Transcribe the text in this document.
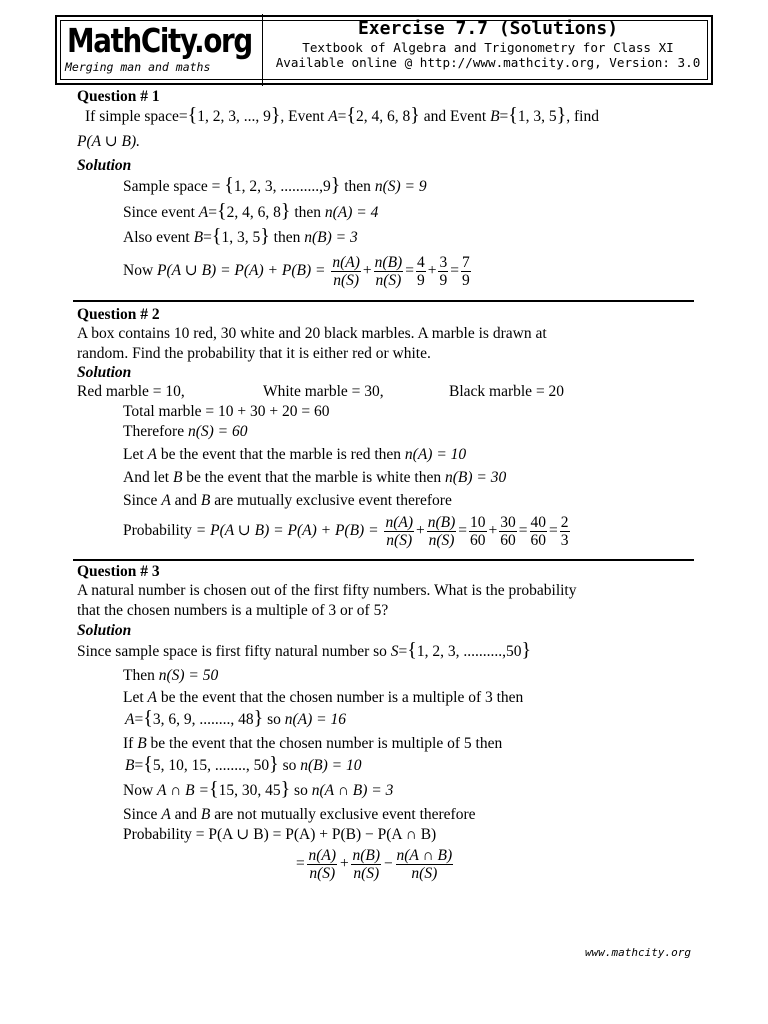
MathCity.org
Merging man and maths
Exercise 7.7 (Solutions)
Textbook of Algebra and Trigonometry for Class XI
Available online @ http://www.mathcity.org, Version: 3.0
Question # 1
If simple space={1, 2, 3, ..., 9}, Event A={2, 4, 6, 8} and Event B={1, 3, 5}, find
P(A ∪ B).
Solution
Sample space = {1, 2, 3, ..........,9} then n(S) = 9
Since event A={2, 4, 6, 8} then n(A) = 4
Also event B={1, 3, 5} then n(B) = 3
Now P(A ∪ $B) = P(A) + P(B) = \frac{n(A)}{n(S)} + \frac{n(B)}{n(S)} = \frac{4}{9} + \frac{3}{9} = \frac{7}{9}$
Question # 2
A box contains 10 red, 30 white and 20 black marbles. A marble is drawn at
random. Find the probability that it is either red or white.
Solution
Red marble = 10,	White marble = 30,	Black marble = 20
Total marble = 10 + 30 + 20 = 60
Therefore n(S) = 60
Let A be the event that the marble is red then n(A) = 10
And let B be the event that the marble is white then n(B) = 30
Since A and B are mutually exclusive event therefore
Probability = P(A ∪ $B) = P(A) + P(B) = \frac{n(A)}{n(S)} + \frac{n(B)}{n(S)} = \frac{10}{60} + \frac{30}{60} = \frac{40}{60} = \frac{2}{3}$
Question # 3
A natural number is chosen out of the first fifty numbers. What is the probability
that the chosen numbers is a multiple of 3 or of 5?
Solution
Since sample space is first fifty natural number so S={1, 2, 3, ..........,50}
Then n(S) = 50
Let A be the event that the chosen number is a multiple of 3 then
A={3, 6, 9, ........, 48} so n(A) = 16
If B be the event that the chosen number is multiple of 5 then
B={5, 10, 15, ........, 50} so n(B) = 10
Now A ∩ B ={15, 30, 45} so n(A ∩ B) = 3
Since A and B are not mutually exclusive event therefore
Probability = P(A ∪ B) = P(A) + P(B) − P(A ∩ B)
= $\frac{n(A)}{n(S)} + \frac{n(B)}{n(S)} - \frac{n(A \cap B)}{n(S)}$
www.mathcity.org
